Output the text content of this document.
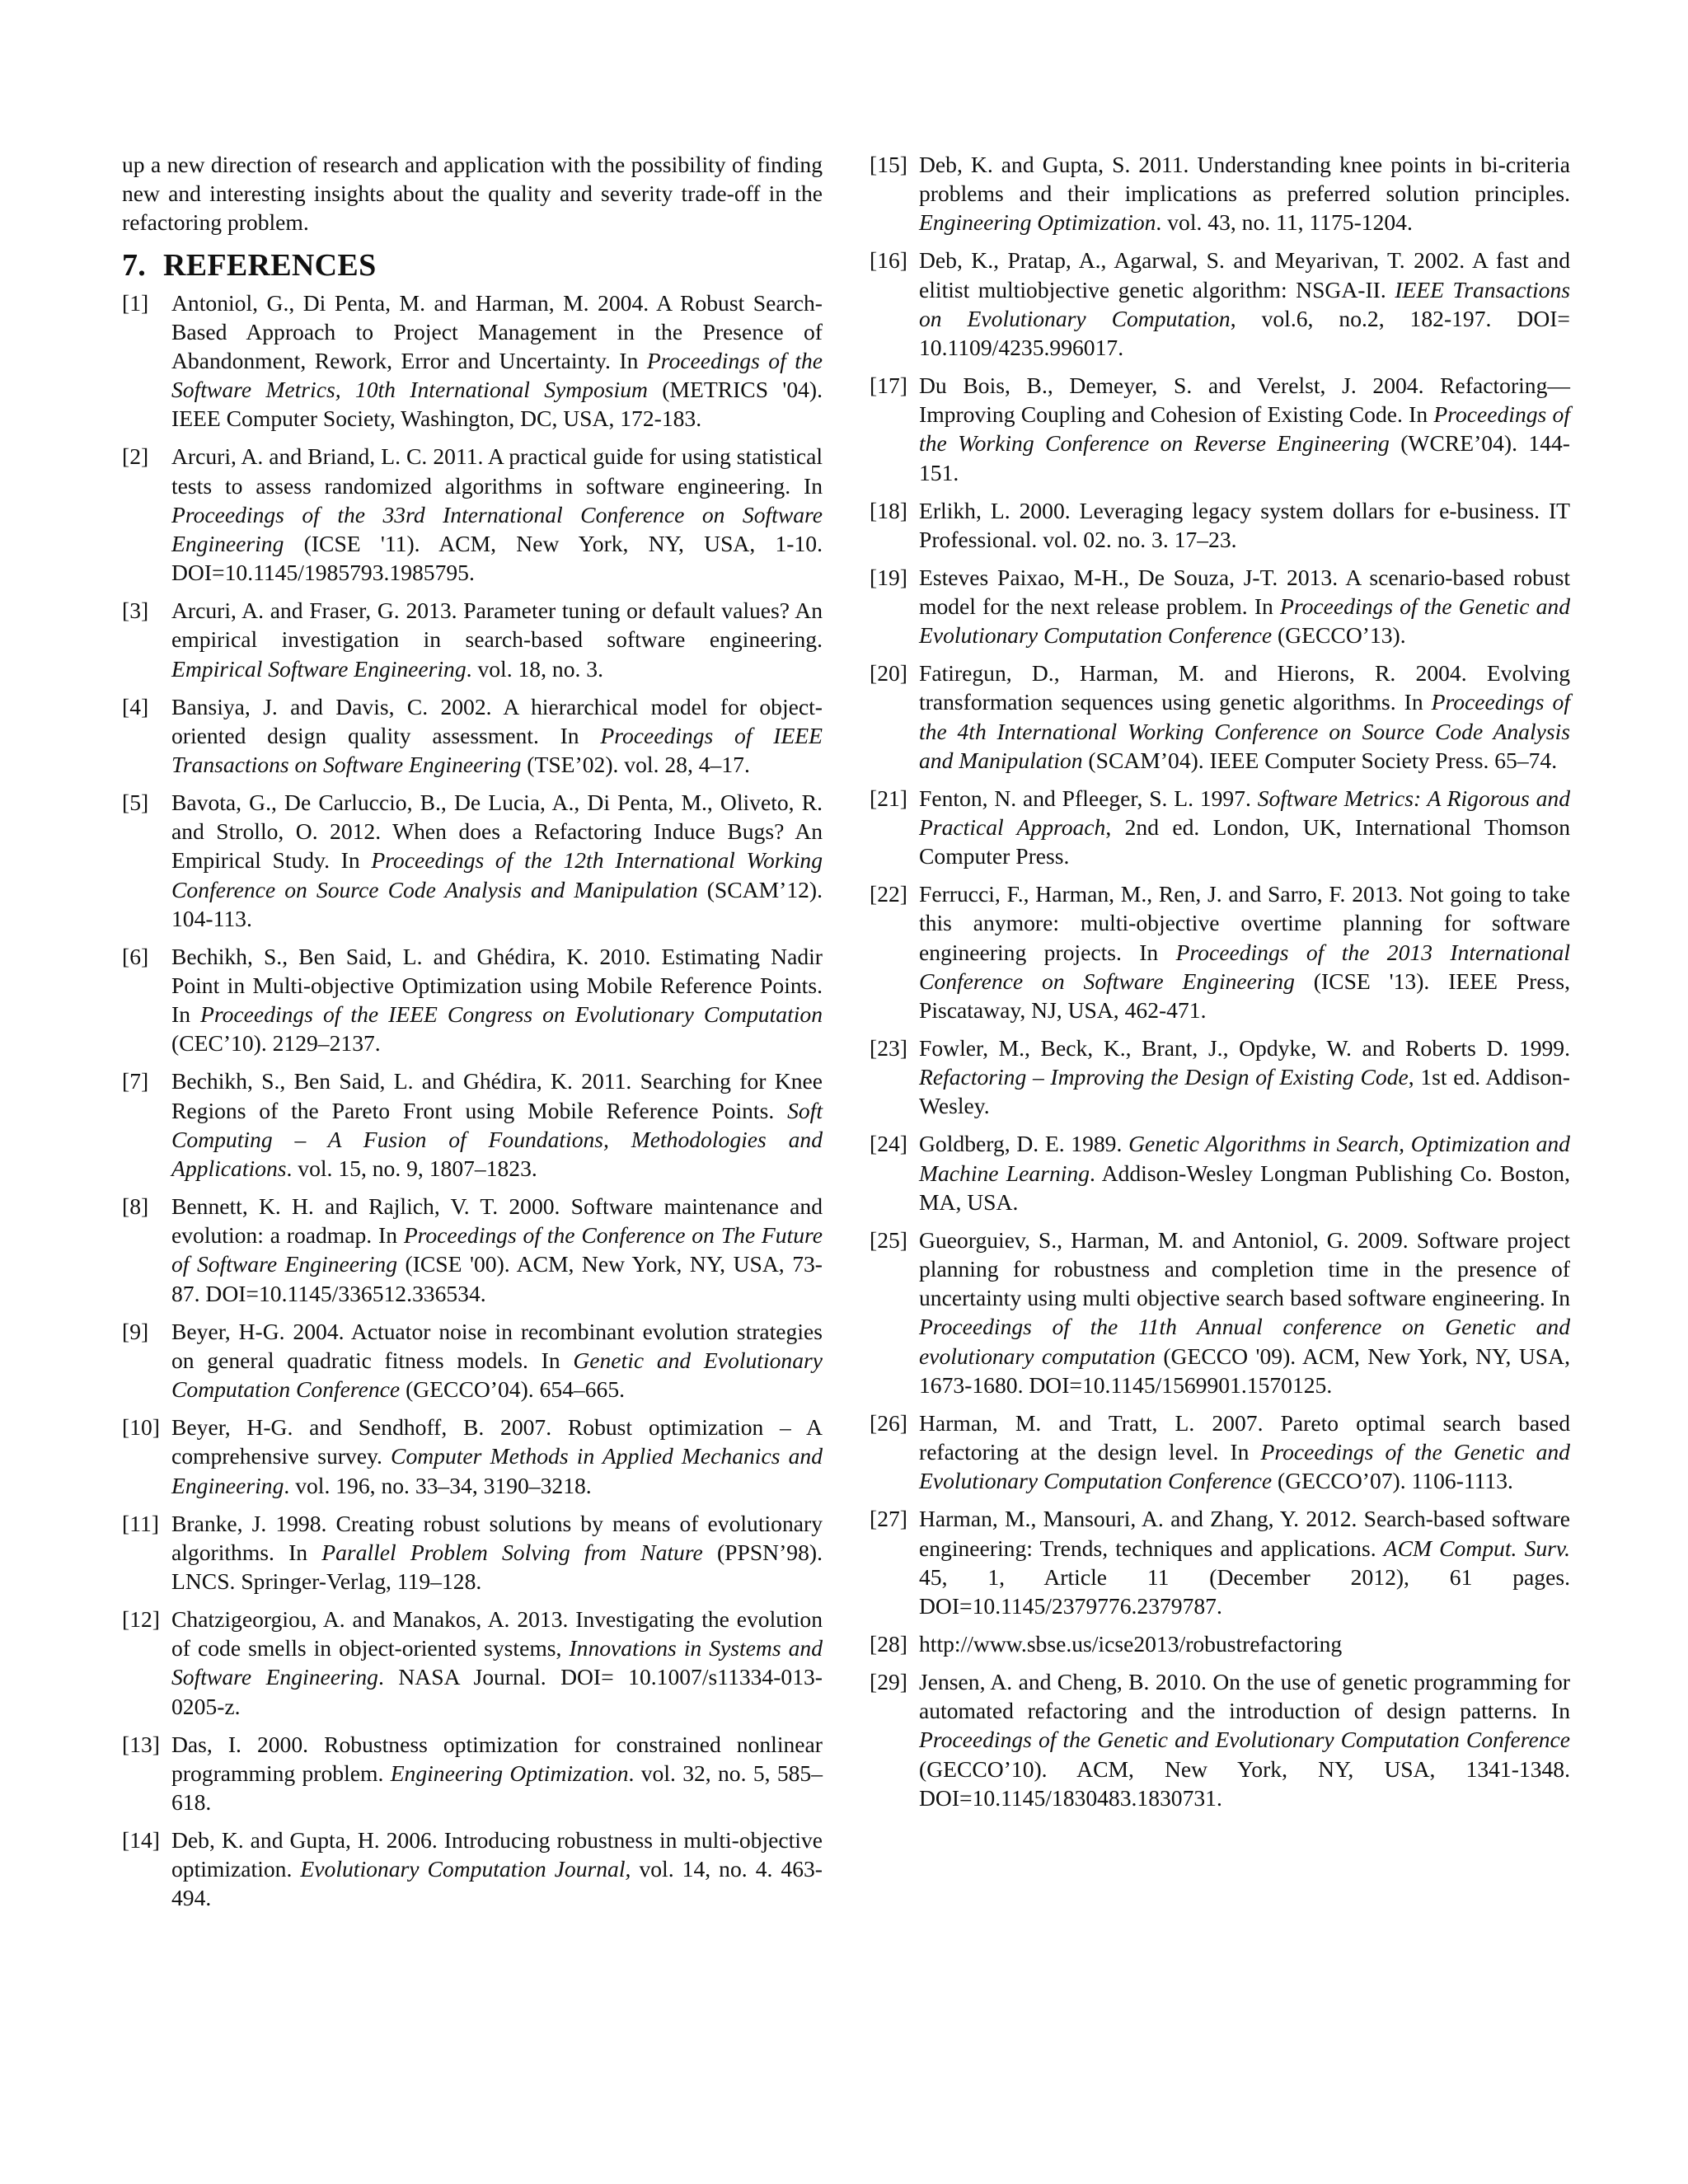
up a new direction of research and application with the possibility of finding new and interesting insights about the quality and severity trade-off in the refactoring problem.

7. REFERENCES
[1]	Antoniol, G., Di Penta, M. and Harman, M. 2004. A Robust Search-Based Approach to Project Management in the Presence of Abandonment, Rework, Error and Uncertainty. In Proceedings of the Software Metrics, 10th International Symposium (METRICS '04). IEEE Computer Society, Washington, DC, USA, 172-183.
[2]	Arcuri, A. and Briand, L. C. 2011. A practical guide for using statistical tests to assess randomized algorithms in software engineering. In Proceedings of the 33rd International Conference on Software Engineering (ICSE '11). ACM, New York, NY, USA, 1-10. DOI=10.1145/1985793.1985795.
[3]	Arcuri, A. and Fraser, G. 2013. Parameter tuning or default values? An empirical investigation in search-based software engineering. Empirical Software Engineering. vol. 18, no. 3.
[4]	Bansiya, J. and Davis, C. 2002. A hierarchical model for object-oriented design quality assessment. In Proceedings of IEEE Transactions on Software Engineering (TSE’02). vol. 28, 4–17.
[5]	Bavota, G., De Carluccio, B., De Lucia, A., Di Penta, M., Oliveto, R. and Strollo, O. 2012. When does a Refactoring Induce Bugs? An Empirical Study. In Proceedings of the 12th International Working Conference on Source Code Analysis and Manipulation (SCAM’12). 104-113.
[6]	Bechikh, S., Ben Said, L. and Ghédira, K. 2010. Estimating Nadir Point in Multi-objective Optimization using Mobile Reference Points. In Proceedings of the IEEE Congress on Evolutionary Computation (CEC’10). 2129–2137.
[7]	Bechikh, S., Ben Said, L. and Ghédira, K. 2011. Searching for Knee Regions of the Pareto Front using Mobile Reference Points. Soft Computing – A Fusion of Foundations, Methodologies and Applications. vol. 15, no. 9, 1807–1823.
[8]	Bennett, K. H. and Rajlich, V. T. 2000. Software maintenance and evolution: a roadmap. In Proceedings of the Conference on The Future of Software Engineering (ICSE '00). ACM, New York, NY, USA, 73-87. DOI=10.1145/336512.336534.
[9]	Beyer, H-G. 2004. Actuator noise in recombinant evolution strategies on general quadratic fitness models. In Genetic and Evolutionary Computation Conference (GECCO’04). 654–665.
[10] Beyer, H-G. and Sendhoff, B. 2007. Robust optimization – A comprehensive survey. Computer Methods in Applied Mechanics and Engineering. vol. 196, no. 33–34, 3190–3218.
[11] Branke, J. 1998. Creating robust solutions by means of evolutionary algorithms. In Parallel Problem Solving from Nature (PPSN’98). LNCS. Springer-Verlag, 119–128.
[12] Chatzigeorgiou, A. and Manakos, A. 2013. Investigating the evolution of code smells in object-oriented systems, Innovations in Systems and Software Engineering. NASA Journal. DOI= 10.1007/s11334-013-0205-z.
[13] Das, I. 2000. Robustness optimization for constrained nonlinear programming problem. Engineering Optimization. vol. 32, no. 5, 585–618.
[14] Deb, K. and Gupta, H. 2006. Introducing robustness in multi-objective optimization. Evolutionary Computation Journal, vol. 14, no. 4. 463-494.
[15] Deb, K. and Gupta, S. 2011. Understanding knee points in bi-criteria problems and their implications as preferred solution principles. Engineering Optimization. vol. 43, no. 11, 1175-1204.
[16] Deb, K., Pratap, A., Agarwal, S. and Meyarivan, T. 2002. A fast and elitist multiobjective genetic algorithm: NSGA-II. IEEE Transactions on Evolutionary Computation, vol.6, no.2, 182-197. DOI= 10.1109/4235.996017.
[17] Du Bois, B., Demeyer, S. and Verelst, J. 2004. Refactoring—Improving Coupling and Cohesion of Existing Code. In Proceedings of the Working Conference on Reverse Engineering (WCRE’04). 144-151.
[18] Erlikh, L. 2000. Leveraging legacy system dollars for e-business. IT Professional. vol. 02. no. 3. 17–23.
[19] Esteves Paixao, M-H., De Souza, J-T. 2013. A scenario-based robust model for the next release problem. In Proceedings of the Genetic and Evolutionary Computation Conference (GECCO’13).
[20] Fatiregun, D., Harman, M. and Hierons, R. 2004. Evolving transformation sequences using genetic algorithms. In Proceedings of the 4th International Working Conference on Source Code Analysis and Manipulation (SCAM’04). IEEE Computer Society Press. 65–74.
[21] Fenton, N. and Pfleeger, S. L. 1997. Software Metrics: A Rigorous and Practical Approach, 2nd ed. London, UK, International Thomson Computer Press.
[22] Ferrucci, F., Harman, M., Ren, J. and Sarro, F. 2013. Not going to take this anymore: multi-objective overtime planning for software engineering projects. In Proceedings of the 2013 International Conference on Software Engineering (ICSE '13). IEEE Press, Piscataway, NJ, USA, 462-471.
[23] Fowler, M., Beck, K., Brant, J., Opdyke, W. and Roberts D. 1999. Refactoring – Improving the Design of Existing Code, 1st ed. Addison-Wesley.
[24] Goldberg, D. E. 1989. Genetic Algorithms in Search, Optimization and Machine Learning. Addison-Wesley Longman Publishing Co. Boston, MA, USA.
[25] Gueorguiev, S., Harman, M. and Antoniol, G. 2009. Software project planning for robustness and completion time in the presence of uncertainty using multi objective search based software engineering. In Proceedings of the 11th Annual conference on Genetic and evolutionary computation (GECCO '09). ACM, New York, NY, USA, 1673-1680. DOI=10.1145/1569901.1570125.
[26] Harman, M. and Tratt, L. 2007. Pareto optimal search based refactoring at the design level. In Proceedings of the Genetic and Evolutionary Computation Conference (GECCO’07). 1106-1113.
[27] Harman, M., Mansouri, A. and Zhang, Y. 2012. Search-based software engineering: Trends, techniques and applications. ACM Comput. Surv. 45, 1, Article 11 (December 2012), 61 pages. DOI=10.1145/2379776.2379787.
[28] http://www.sbse.us/icse2013/robustrefactoring
[29] Jensen, A. and Cheng, B. 2010. On the use of genetic programming for automated refactoring and the introduction of design patterns. In Proceedings of the Genetic and Evolutionary Computation Conference (GECCO’10). ACM, New York, NY, USA, 1341-1348. DOI=10.1145/1830483.1830731.
